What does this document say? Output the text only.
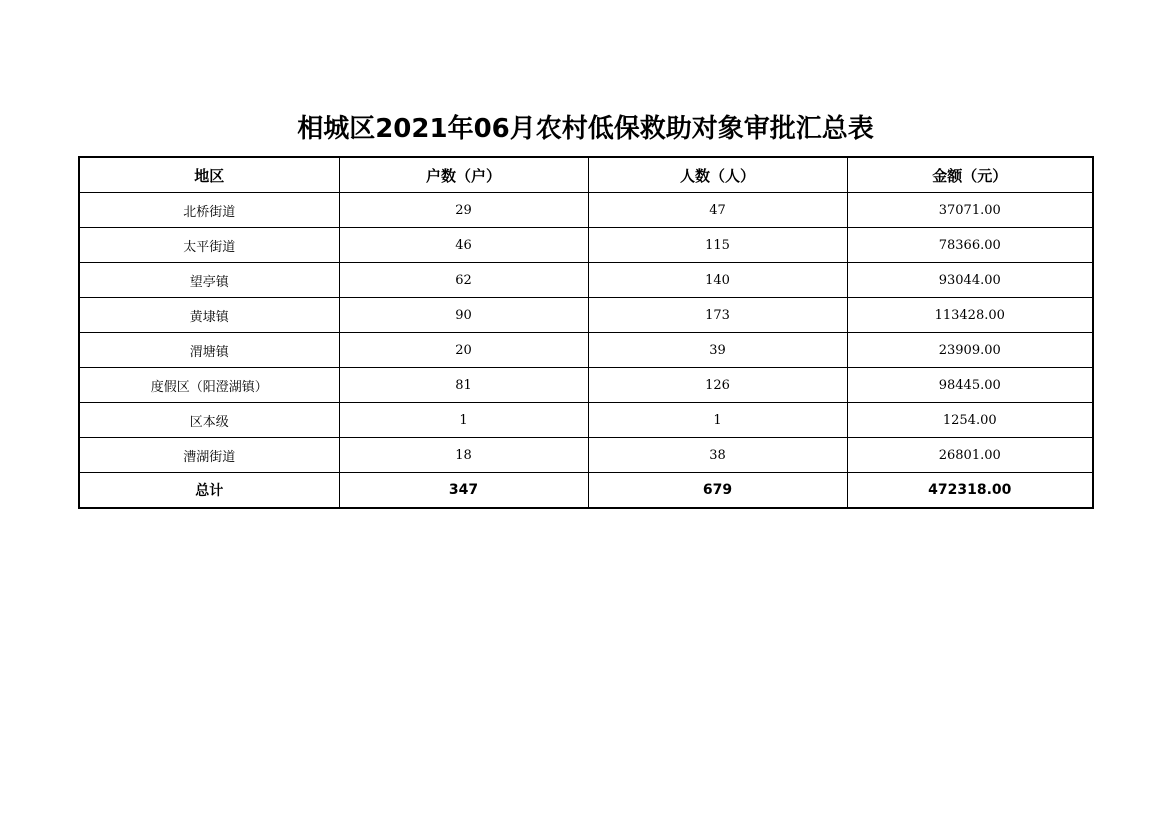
相城区2021年06月农村低保救助对象审批汇总表
地区	户数（户）	人数（人）	金额（元）
北桥街道	29	47	37071.00
太平街道	46	115	78366.00
望亭镇	62	140	93044.00
黄埭镇	90	173	113428.00
渭塘镇	20	39	23909.00
度假区（阳澄湖镇）	81	126	98445.00
区本级	1	1	1254.00
漕湖街道	18	38	26801.00
总计	347	679	472318.00
